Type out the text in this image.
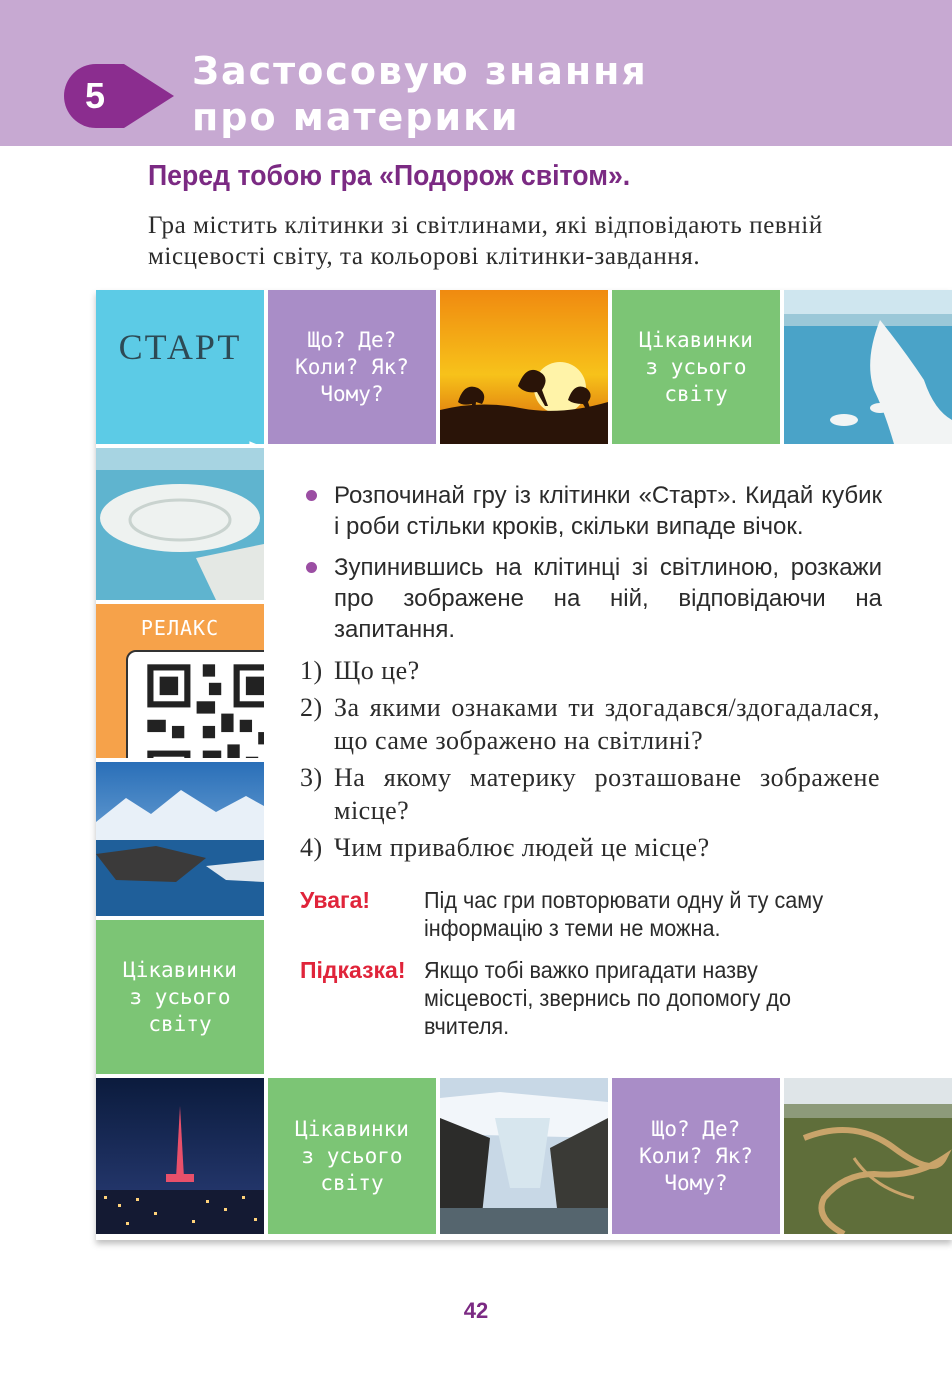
5
Застосовую знання
про материки
Перед тобою гра «Подорож світом».

Гра містить клітинки зі світлинами, які відповідають певній
місцевості світу, та кольорові клітинки-завдання.

СТАРТ	Що? Де?
Коли? Як?
Чому?
Цікавинки
з усього
світу
РЕЛАКС
Цікавинки
з усього
світу
Цікавинки
з усього
світу
Що? Де?
Коли? Як?
Чому?
Розпочинай гру із клітинки «Старт». Кидай кубик і роби стільки кроків, скільки випаде вічок.
Зупинившись на клітинці зі світлиною, розкажи про зображене на ній, відповідаючи на запитання.
1) Що це?
2) За якими ознаками ти здогадався/здогадалася, що саме зображено на світлині?
3) На якому материку розташоване зображене місце?
4) Чим приваблює людей це місце?
Увага! Під час гри повторювати одну й ту саму інформацію з теми не можна.
Підказка! Якщо тобі важко пригадати назву місцевості, звернись по допомогу до вчителя.
42
